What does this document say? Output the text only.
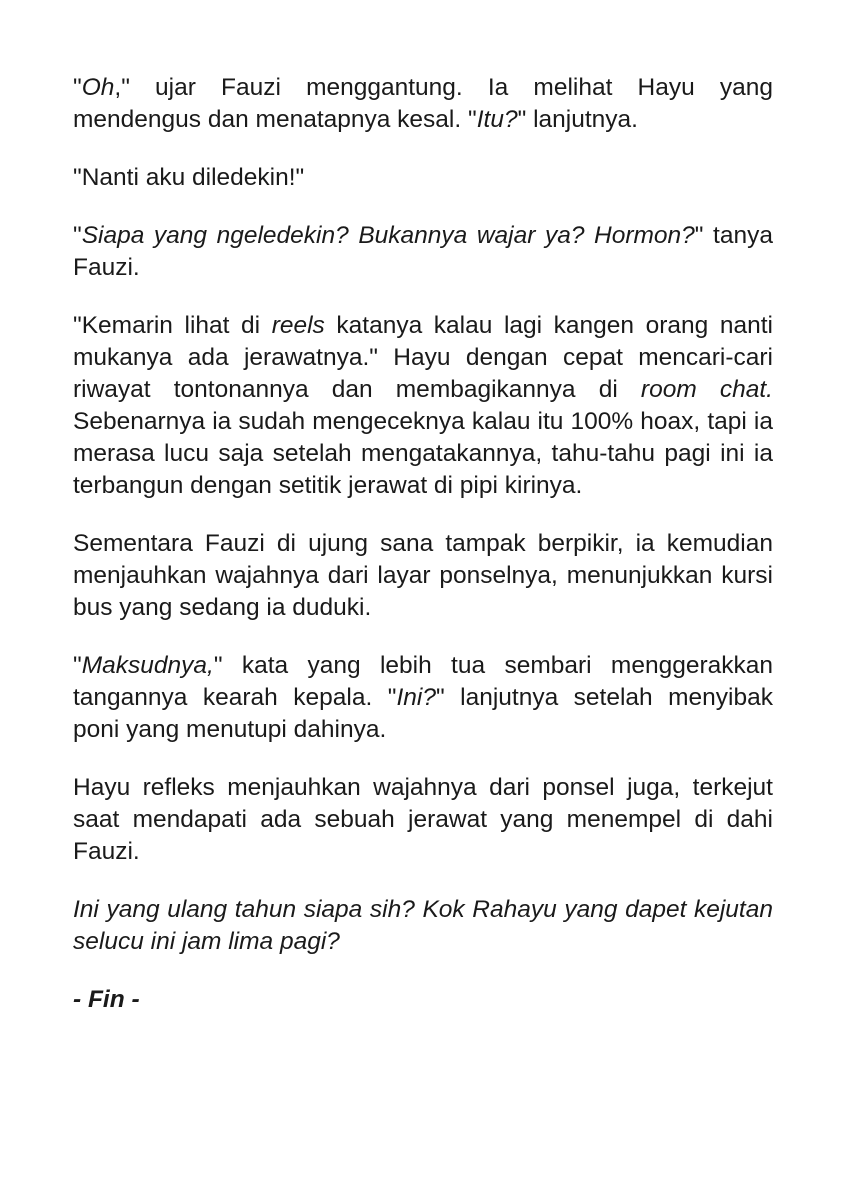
"Oh," ujar Fauzi menggantung. Ia melihat Hayu yang mendengus dan menatapnya kesal. "Itu?" lanjutnya.

"Nanti aku diledekin!"

"Siapa yang ngeledekin? Bukannya wajar ya? Hormon?" tanya Fauzi.

"Kemarin lihat di reels katanya kalau lagi kangen orang nanti mukanya ada jerawatnya." Hayu dengan cepat mencari-cari riwayat tontonannya dan membagikannya di room chat. Sebenarnya ia sudah mengeceknya kalau itu 100% hoax, tapi ia merasa lucu saja setelah mengatakannya, tahu-tahu pagi ini ia terbangun dengan setitik jerawat di pipi kirinya.

Sementara Fauzi di ujung sana tampak berpikir, ia kemudian menjauhkan wajahnya dari layar ponselnya, menunjukkan kursi bus yang sedang ia duduki.

"Maksudnya," kata yang lebih tua sembari menggerakkan tangannya kearah kepala. "Ini?" lanjutnya setelah menyibak poni yang menutupi dahinya.

Hayu refleks menjauhkan wajahnya dari ponsel juga, terkejut saat mendapati ada sebuah jerawat yang menempel di dahi Fauzi.

Ini yang ulang tahun siapa sih? Kok Rahayu yang dapet kejutan selucu ini jam lima pagi?

- Fin -
